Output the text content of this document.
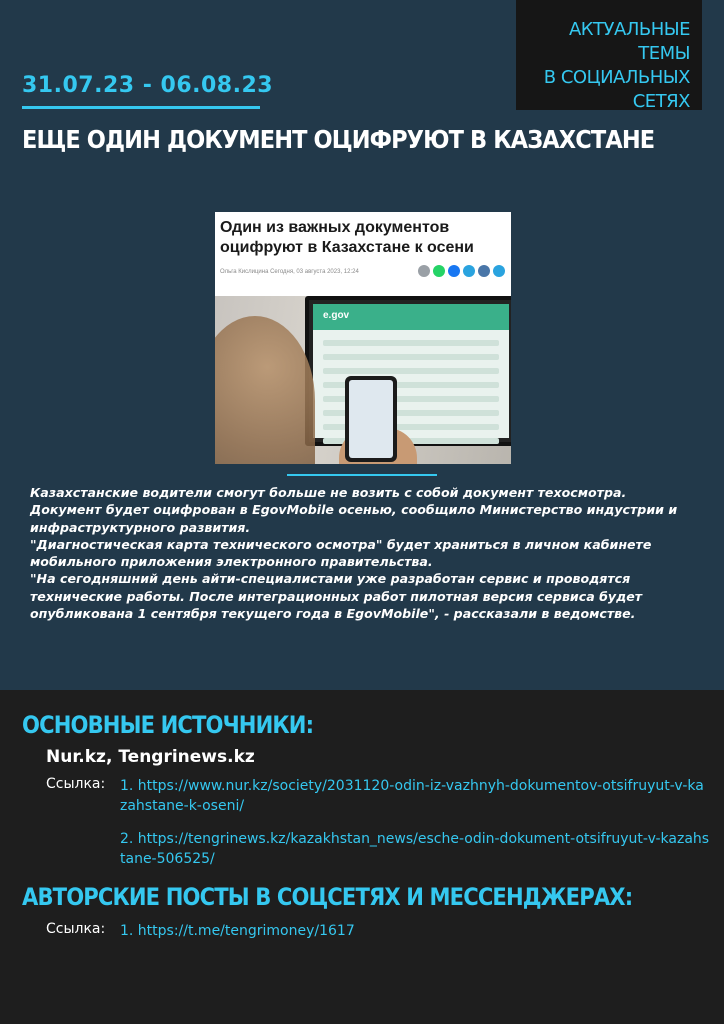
АКТУАЛЬНЫЕ ТЕМЫ
В СОЦИАЛЬНЫХ
СЕТЯХ
31.07.23 - 06.08.23
ЕЩЕ ОДИН ДОКУМЕНТ ОЦИФРУЮТ В КАЗАХСТАНЕ
Один из важных документов оцифруют в Казахстане к осени
Ольга Кислицина Сегодня, 03 августа 2023, 12:24
e.gov

Казахстанские водители смогут больше не возить с собой документ техосмотра. Документ будет оцифрован в EgovMobile осенью, сообщило Министерство индустрии и инфраструктурного развития.

"Диагностическая карта технического осмотра" будет храниться в личном кабинете мобильного приложения электронного правительства.

"На сегодняшний день айти-специалистами уже разработан сервис и проводятся технические работы. После интеграционных работ пилотная версия сервиса будет опубликована 1 сентября текущего года в EgovMobile", - рассказали в ведомстве.

ОСНОВНЫЕ ИСТОЧНИКИ:
Nur.kz, Tengrinews.kz
Ссылка: 1. https://www.nur.kz/society/2031120-odin-iz-vazhnyh-dokumentov-otsifruyut-v-kazahstane-k-oseni/
2. https://tengrinews.kz/kazakhstan_news/esche-odin-dokument-otsifruyut-v-kazahstane-506525/
АВТОРСКИЕ ПОСТЫ В СОЦСЕТЯХ И МЕССЕНДЖЕРАХ:
Ссылка: 1. https://t.me/tengrimoney/1617
